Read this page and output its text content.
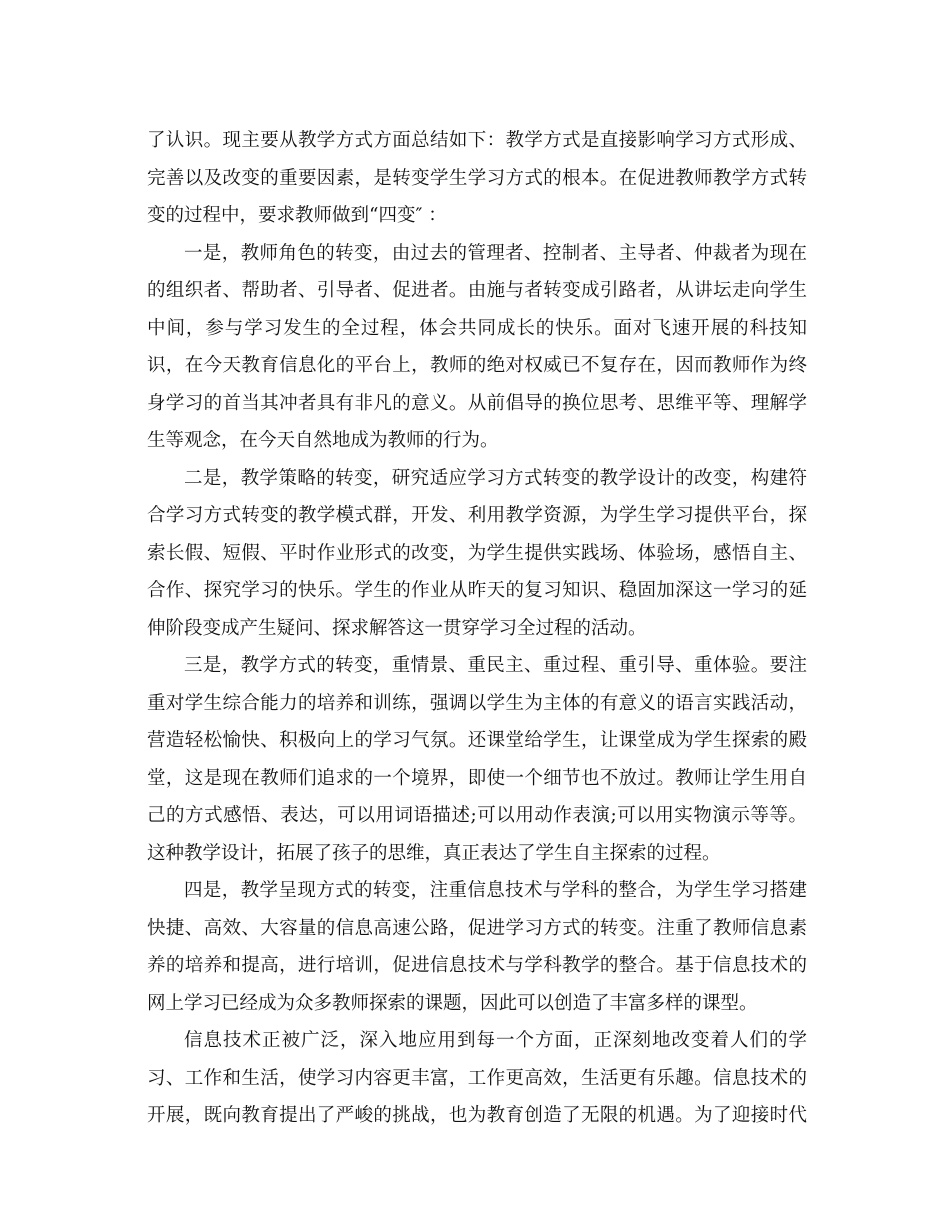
了认识。现主要从教学方式方面总结如下：教学方式是直接影响学习方式形成、
完善以及改变的重要因素，是转变学生学习方式的根本。在促进教师教学方式转
变的过程中，要求教师做到“四变″ ：
一是，教师角色的转变，由过去的管理者、控制者、主导者、仲裁者为现在
的组织者、帮助者、引导者、促进者。由施与者转变成引路者，从讲坛走向学生
中间，参与学习发生的全过程，体会共同成长的快乐。面对飞速开展的科技知
识，在今天教育信息化的平台上，教师的绝对权威已不复存在，因而教师作为终
身学习的首当其冲者具有非凡的意义。从前倡导的换位思考、思维平等、理解学
生等观念，在今天自然地成为教师的行为。
二是，教学策略的转变，研究适应学习方式转变的教学设计的改变，构建符
合学习方式转变的教学模式群，开发、利用教学资源，为学生学习提供平台，探
索长假、短假、平时作业形式的改变，为学生提供实践场、体验场，感悟自主、
合作、探究学习的快乐。学生的作业从昨天的复习知识、稳固加深这一学习的延
伸阶段变成产生疑问、探求解答这一贯穿学习全过程的活动。
三是，教学方式的转变，重情景、重民主、重过程、重引导、重体验。要注
重对学生综合能力的培养和训练，强调以学生为主体的有意义的语言实践活动，
营造轻松愉快、积极向上的学习气氛。还课堂给学生，让课堂成为学生探索的殿
堂，这是现在教师们追求的一个境界，即使一个细节也不放过。教师让学生用自
己的方式感悟、表达，可以用词语描述;可以用动作表演;可以用实物演示等等。
这种教学设计，拓展了孩子的思维，真正表达了学生自主探索的过程。
四是，教学呈现方式的转变，注重信息技术与学科的整合，为学生学习搭建
快捷、高效、大容量的信息高速公路，促进学习方式的转变。注重了教师信息素
养的培养和提高，进行培训，促进信息技术与学科教学的整合。基于信息技术的
网上学习已经成为众多教师探索的课题，因此可以创造了丰富多样的课型。
信息技术正被广泛，深入地应用到每一个方面，正深刻地改变着人们的学
习、工作和生活，使学习内容更丰富，工作更高效，生活更有乐趣。信息技术的
开展，既向教育提出了严峻的挑战，也为教育创造了无限的机遇。为了迎接时代
